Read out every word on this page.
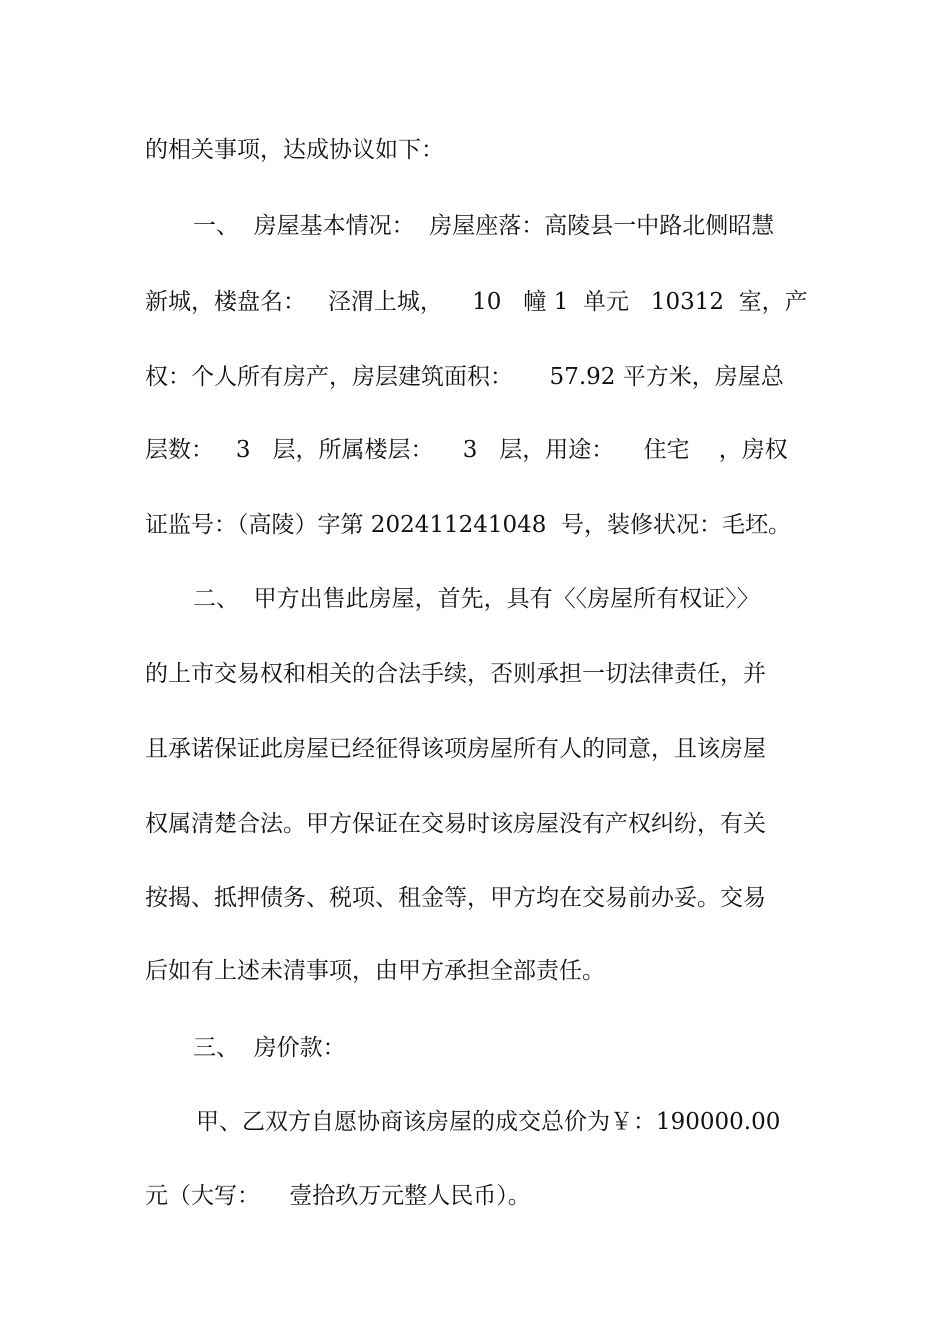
的相关事项，达成协议如下：
一、  房屋基本情况：  房屋座落：高陵县一中路北侧昭慧
新城，楼盘名：   泾渭上城，    10   幢 1  单元   10312  室，产
权：个人所有房产，房层建筑面积：     57.92 平方米，房屋总
层数：   3   层，所属楼层：    3   层，用途：    住宅    ，房权
证监号：（高陵）字第 202411241048  号，装修状况：毛坯。
二、  甲方出售此房屋，首先，具有〈〈房屋所有权证〉〉
的上市交易权和相关的合法手续，否则承担一切法律责任，并
且承诺保证此房屋已经征得该项房屋所有人的同意，且该房屋
权属清楚合法。甲方保证在交易时该房屋没有产权纠纷，有关
按揭、抵押债务、税项、租金等，甲方均在交易前办妥。交易
后如有上述未清事项，由甲方承担全部责任。
三、  房价款：
甲、乙双方自愿协商该房屋的成交总价为￥：190000.00
元（大写：    壹拾玖万元整人民币）。
